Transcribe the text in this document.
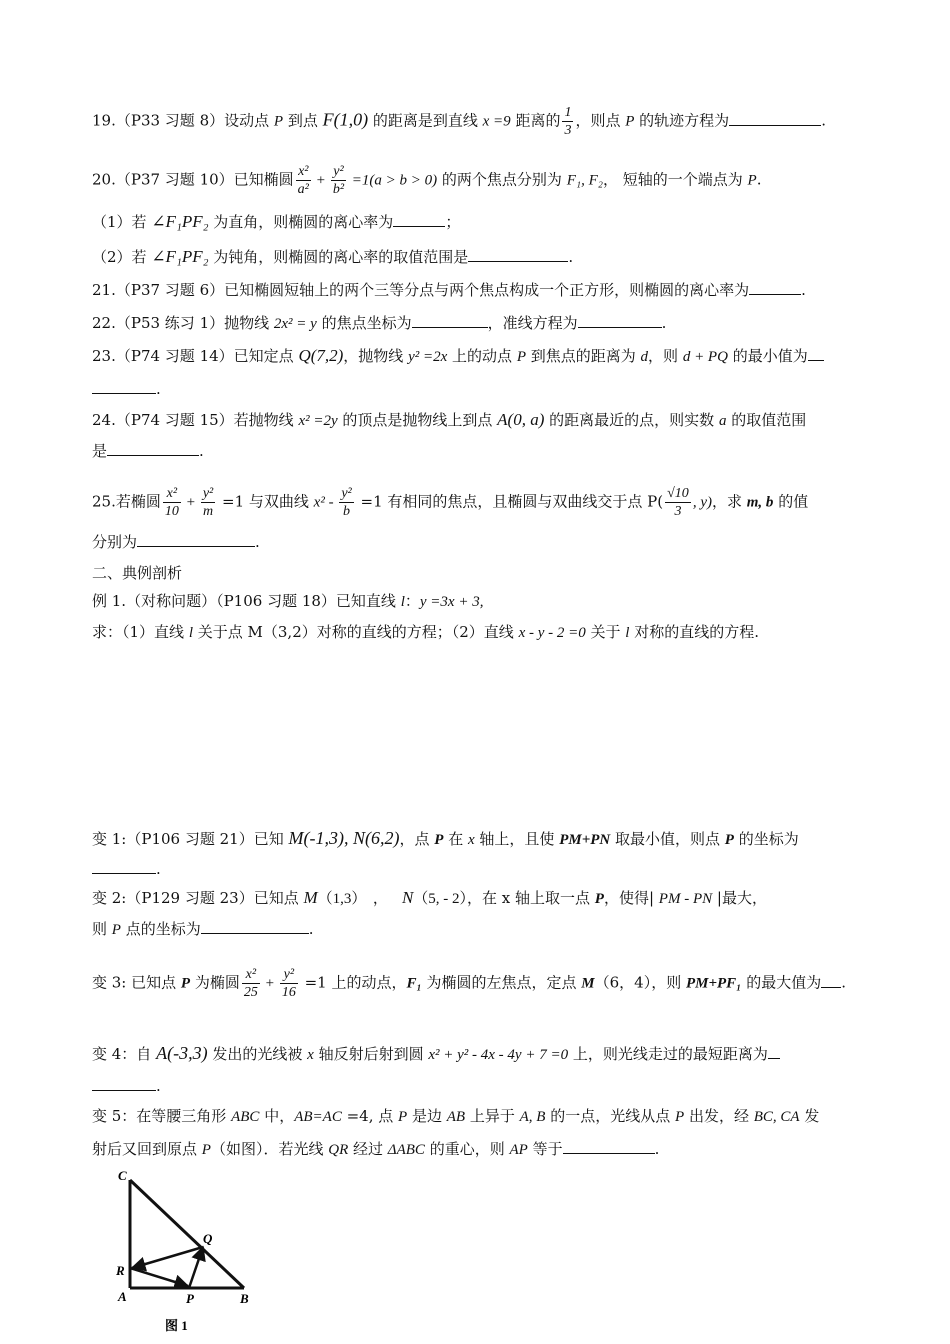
19.（P33 习题 8）设动点 P 到点 F(1,0) 的距离是到直线 x =9 距离的 $\frac{1}{3}$ ，则点 P 的轨迹方程为	.
20.（P37 习题 10）已知椭圆 $\frac{\text{x²}}{\text{a²}} + \frac{\text{y²}}{\text{b²}} =1(a > b > 0)$ 的两个焦点分别为 F₁, F₂， 短轴的一个端点为 P.
（1）若 ∠F₁PF₂ 为直角，则椭圆的离心率为	；
（2）若 ∠F₁PF₂ 为钝角，则椭圆的离心率的取值范围是	.
21.（P37 习题 6）已知椭圆短轴上的两个三等分点与两个焦点构成一个正方形，则椭圆的离心率为	.
22.（P53 练习 1）抛物线 2x² = y 的焦点坐标为	，准线方程为	.
23.（P74 习题 14）已知定点 Q(7,2)，抛物线 y² =2x 上的动点 P 到焦点的距离为 d，则 d + PQ 的最小值为
.
24.（P74 习题 15）若抛物线 x² =2y 的顶点是抛物线上到点 A(0, a) 的距离最近的点，则实数 a 的取值范围
是	.
25.若椭圆 $\frac{\text{x²}}{10} + \frac{\text{y²}}{m} =1$ 与双曲线 $x^2 - \frac{\text{y²}}{b} =1$ 有相同的焦点，且椭圆与双曲线交于点 $P( \frac{√10}{3}$ , y)，求 m, b 的值
分别为	.
二、典例剖析
例 1.（对称问题）（P106 习题 18）已知直线 l：y =3x + 3,
求：（1）直线 l 关于点 M（3,2）对称的直线的方程；（2）直线 x - y - 2 =0 关于 l 对称的直线的方程.
变 1:（P106 习题 21）已知 M(-1,3), N(6,2)，点 P 在 x 轴上，且使 PM+PN 取最小值，则点 P 的坐标为
.
变 2:（P129 习题 23）已知点 M（1,3） ， N（5, - 2），在 x 轴上取一点 P，使得| PM - PN |最大，
则 P 点的坐标为	.
变 3: 已知点 P 为椭圆 $\frac{\text{x²}}{25} + \frac{\text{y²}}{16} =1$ 上的动点，F₁ 为椭圆的左焦点，定点 M（6，4），则 PM+PF₁ 的最大值为 .
变 4：自 A(-3,3) 发出的光线被 x 轴反射后射到圆 x² + y² - 4x - 4y + 7 =0 上，则光线走过的最短距离为
.
变 5：在等腰三角形 ABC 中，AB=AC =4, 点 P 是边 AB 上异于 A, B 的一点，光线从点 P 出发，经 BC, CA 发
射后又回到原点 P（如图）．若光线 QR 经过 ΔABC 的重心，则 AP 等于	.
C
Q
R
A	P	B
图 1
